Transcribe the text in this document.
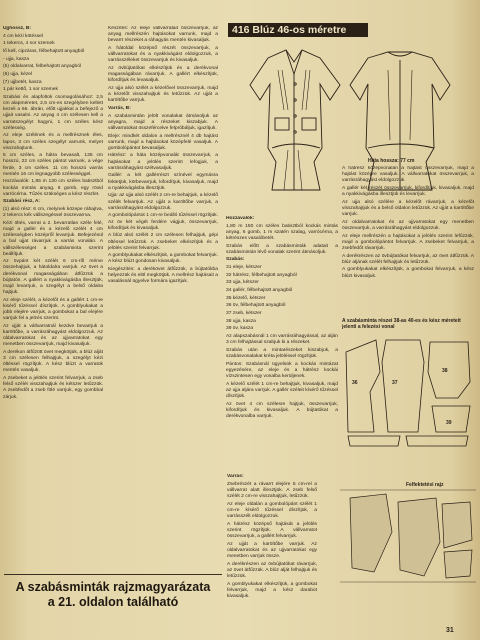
Ujjhossz, B:

4 cm kézi kötéssel

1 tekercs, 4 sor szemek

lő kell, cipzáras, félbehajtott anyagból

- ujja, kasza

(5) oldalvarrat, felbehajtott anyagból

(6) ujja, kézel

(7) ujjbetét, kasza

1 pár kettő, 1 sor szemek

Szabási és alapfoltok csomagolásához: 2,5 cm alapméretet, 2,5 cm-es szegélyben kellett kezeli a 66. ábrán, előtt ujjakkal a befejező a ujjait vasalni. Az anyag 4 cm szélesen kell a varratszegélyt hagyni, 1 cm széles kész szélesség.

Az eleje szélének és a mellrésznek éles, lapos, 3 cm széles szegélyt varrunk, melyet visszahajtunk.

5 cm széles, a hátra bevasalt, 135 cm hosszú, 22 cm széles pántot varrunk, a vége ferde, 3 cm széles. 11 cm hosszú varrás mentén 16 cm legnagyobb szélességgel.

Hozzávalók: 1,85 m 130 cm széles batisztból kockás mintás anyag, 6 gomb, egy rövid varrócérna. Tűzés szükséges a kész részlet.

Szabási rész, A:

(1) alsó rész: 6 cm, melynek közepe ráhajtva, 2 tekercs kék vállszegéssel összevarrva.

Kézi öltés, varrat a 2. bevarratlan széle felé, majd a gallér és a kézelő szélét 4 cm szélességben középről levarrjuk. Befejezésül a bal ujjat rávarrjuk a varrás vonalán. A vállszélességet a szabásminta szerint beállítjuk.

Az övpánt két szélét 6 cm-ről mérve összehajtjuk, a hátoldalra varrjuk. Az övet a derékvonal magasságában átfűzzük a bújtatón. A gallért a nyakkivágásba illesztjük, majd levarrjuk, a szegélyt a belső oldalra hajtjuk.

Az eleje szélét, a kézelőt és a gallért 1 cm-re kisérő tűzéssel díszítjük. A gomblyukakat a jobb elejére varrjuk, a gombokat a bal elejére varrjuk fel a jelzés szerint.

Az ujját a vállvarratnál kezdve bevarrjuk a karöltőbe, a varrásráhagyást eldolgozzuk. Az oldalvarratokat és az ujjvarratokat egy menetben összevarrjuk, majd kivasaljuk.

A derékon átfűzött övet megkötjük, a blúz alját 3 cm szélesen felhajtjuk, a szegélyt kézi öltéssel rögzítjük. A kész blúzt a varratok mentén vasaljuk.

A zsebeket a jelölés szerint felvarrjuk, a zseb felső szélét visszahajtjuk és kétszer letűzzük. A zsebfedőt a zseb fölé varrjuk, egy gombbal zárjuk.

Készítés: Az eleje vállvarratait összevarrjuk, az anyag mellrészén hajtásokat varrunk, majd a bevarrt részeket a ráhagyás mentén kivasaljuk.

A hátoldal középső részét összevarrjuk, a vállvarratokat és a nyakkivágást eldolgozzuk, a varrásszéleket összevarrjuk és kivasaljuk.

Az övbújtatókat elkészítjük és a derékvonal magasságában rávarrjuk. A gallért elkészítjük, kifordítjuk és levasaljuk.

Az ujja alsó szélét a kézelővel összevarrjuk, majd a kézelőt visszahajtjuk és letűzzük. Az ujját a karöltőbe varrjuk.

Varrás, B:

A szabásmintán jelölt vonalakat átmásoljuk az anyagra, majd a részeket kiszabjuk. A vállvarratokat összefércelve felpróbáljuk, igazítjuk.

Eleje: mindkét oldalon a mellrésznél 4 db hajtást varrunk, majd a hajtásokat középfelé vasaljuk. A gombolópántot bevasaljuk.

Hátrész: a háta középvonalát összevarrjuk, a hajtásokat a jelölés szerint lefogjuk, a varrásráhagyást szétvasaljuk.

Gallér: a két gallérrészt színével egymásra fektetjük, körbevarrjuk, kifordítjuk, kivasaljuk, majd a nyakkivágásba illesztjük.

Ujja: az ujja alsó szélét 2 cm-re behajtjuk, a kézelő szélét felvarrjuk. Az ujját a karöltőbe varrjuk, a varrásráhagyást eldolgozzuk.

A gombolópántot 1 cm-re beálló tűzéssel rögzítjük. Az öv két végét ferdére vágjuk, összevarrjuk, kifordítjuk és kivasaljuk.

A blúz alsó szélét 2 cm szélesen felhajtjuk, gépi öltéssel letűzzük. A zsebeket elkészítjük és a jelölés szerint felvarrjuk.

A gomblyukakat elkészítjük, a gombokat felvarrjuk. A kész blúzt gondosan kivasaljuk.

Kiegészítés: a derékövet átfűzzük, a bújtatókba helyezzük és elöl megkötjük. A mellrész hajtásait a vasalásnál ügyelve formára igazítjuk.

416 Blúz 46-os méretre
Háta hossza: 77 cm

Hozzávalók:

1,80 m 150 cm széles batisztból kockás mintás anyag, 6 gomb, 1 m szatén szalag, varrócérna, a kétrészes vasalóbetét.

Szabás előtt a szabásminták adatait a szabásmintán lévő vonalak szerint átmásoljuk.

Szabás:

31 eleje, kétszer

32 hátrész, félbehajtott anyagból

33 ujja, kétszer

34 gallér, félbehajtott anyagból

35 kézelő, kétszer

36 öv, félbehajtott anyagból

37 zseb, kétszer

38 ujja, kasza

39 öv, kasza

Az alapszabásnál 1 cm varrásráhagyással, az alján 3 cm felhajtással szabjuk ki a részeket.

Szabás után a mintarészeket kiszabjuk, a szabásvonalakat kréta jelöléssel rögzítjük.

Pántos: Szabásnál ügyelünk a kockás mintázat egyezésére, az eleje és a hátrész kockái vízszintesen egy vonalba kerüljenek.

A kézelő szélét 1 cm-re behajtjuk, kivasaljuk, majd az ujja aljára varrjuk. A gallér széleit kísérő tűzéssel díszítjük.

Az övet 4 cm szélesre hajtjuk, összevarrjuk, kifordítjuk és kivasaljuk. A bújtatókat a derékvonalba varrjuk.

A hátrész középvonalán a hajtást összevarrjuk, majd a hajtást középre vasaljuk. A vállvarratokat összevarrjuk, a varrásráhagyást eldolgozzuk.

A gallér két részét összevarrjuk, kifordítjuk, kivasaljuk, majd a nyakkivágásba illesztjük és levarrjuk.

Az ujja alsó szélére a kézelőt rávarrjuk, a kézelőt visszahajtjuk és a belső oldalon letűzzük. Az ujját a karöltőbe varrjuk.

Az oldalvarratokat és az ujjvarratokat egy menetben összevarrjuk, a varrásráhagyást eldolgozzuk.

Az eleje mellrészén a hajtásokat a jelölés szerint lefűzzük, majd a gombolópántot felvarrjuk. A zsebeket felvarrjuk, a zsebfedőt rávarrjuk.

A derékrészen az övbújtatókat felvarrjuk, az övet átfűzzük. A blúz aljának szélét felhajtjuk és letűzzük.

A gomblyukakat elkészítjük, a gombokat felvarrjuk, a kész blúzt kivasaljuk.

Varrás:

Zsebrészét a rávarrt elejére 5 cm-rel a vállvarrat alatt illesztjük. A zseb felső szélét 2 cm-re visszahajtjuk, letűzzük.

Az eleje oldalán a gombolópánt szélét 1 cm-re kísérő tűzéssel díszítjük, a varrásszélt eldolgozzuk.

A hátrész középső hajtását a jelölés szerint rögzítjük. A vállvarratot összevarrjuk, a gallért felvarrjuk.

Az ujját a karöltőbe varrjuk. Az oldalvarratokat és az ujjvarratokat egy menetben varrjuk össze.

A derékrészen az övbújtatókat rávarrjuk, az övet átfűzzük. A blúz alját felhajtjuk és letűzzük.

A gomblyukakat elkészítjük, a gombokat felvarrjuk, majd a kész darabot kivasaljuk.

A szabásminta részei 38-as 40-es és kész méreteit jelenti a felezési vonal
36	37
38
39
Felfektetési rajz
A szabásminták rajzmagyarázata
a 21. oldalon található
31
